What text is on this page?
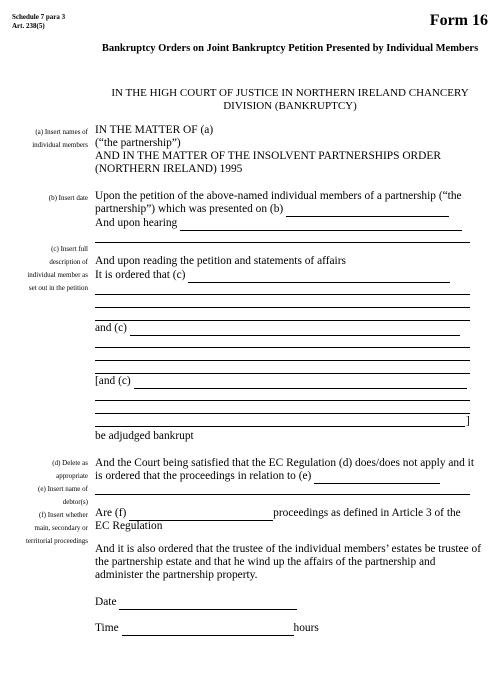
Schedule 7 para 3
Art. 238(5)	Form 16
Bankruptcy Orders on Joint Bankruptcy Petition Presented by Individual Members
IN THE HIGH COURT OF JUSTICE IN NORTHERN IRELAND CHANCERY DIVISION (BANKRUPTCY)
(a) Insert names of
individual members
(b) Insert date
(c) Insert full
description of
individual member as
set out in the petition
(d) Delete as
appropriate
(e) Insert name of
debtor(s)
(f) Insert whether
main, secondary or
territorial proceedings
IN THE MATTER OF (a)
(“the partnership”)
AND IN THE MATTER OF THE INSOLVENT PARTNERSHIPS ORDER
(NORTHERN IRELAND) 1995
Upon the petition of the above-named individual members of a partnership (“the
partnership”) which was presented on (b)
And upon hearing
And upon reading the petition and statements of affairs
It is ordered that (c)
and (c)
[and (c)
]
be adjudged bankrupt
And the Court being satisfied that the EC Regulation (d) does/does not apply and it
is ordered that the proceedings in relation to (e)
Are (f)	proceedings as defined in Article 3 of the
EC Regulation
And it is also ordered that the trustee of the individual members’ estates be trustee of
the partnership estate and that he wind up the affairs of the partnership and
administer the partnership property.
Date
Time	hours
